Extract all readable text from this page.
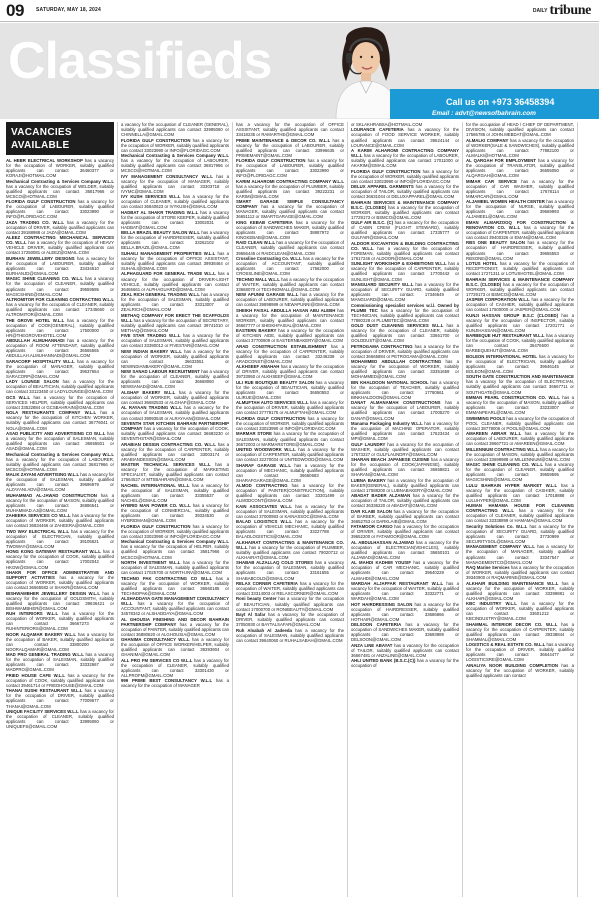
09 SATURDAY, MAY 18, 2024	DAILY tribune
Classifieds
Call us on +973 36458394
Email : advt@newsofbahrain.com
VACANCIES
AVAILABLE

AL HEBR ELECTRICAL WORKSHOP has a vacancy for the occupation of WORKER, suitably qualified applicants can contact 36460377 or KORAJI@HOTMAIL.COM

Mechanical Contracting & Services Company W.L.L has a vacancy for the occupation of WELDER, suitably qualified applicants can contact 36817966 or MCSCO@HOTMAIL.COM

FLORIDA GULF CONSTRUCTION has a vacancy for the occupation of LABOURER, suitably qualified applicants can contact 33023990 or INFO@FLORIDAGC.COM

JAZA TRADING CO. W.L.L has a vacancy for the occupation of DRIVER, suitably qualified applicants can contact 39188988 or JAZA@GMAIL.COM

ALEEZ CONTRACTING MECHANICAL SERVICES CO. W.L.L has a vacancy for the occupation of HEAVY VEHICLE DRIVER, suitably qualified applicants can contact 17250081 or ALEEZ@GMAIL.COM

BURHAN JEWELLERY DESIGNS has a vacancy for the occupation of LABOURER, suitably qualified applicants can contact 33434610 or BURHANJD@GMAIL.COM

MAGIC SHINE CLEANING CO. W.L.L has a vacancy for the occupation of CLEANER, suitably qualified applicants can contact 39559595 or MAGICSHINE@GMAIL.COM

ALTROMITOR FOR CLEANING CONTRACTING W.L.L has a vacancy for the occupation of CLEANER, suitably qualified applicants can contact 17345660 or ALTROMITOR@GMAIL.COM

THE GROVE HOTEL W.L.L has a vacancy for the occupation of COOK(GENERAL), suitably qualified applicants can contact 17500000 or HR@THEGROVEHOTEL.COM

ABDULLAH ALMUHANNADI has a vacancy for the occupation of ROOM ATTENDANT, suitably qualified applicants can contact 36565565 or ABDULLAH.ALMUHANNADI@GMAIL.COM

SARACORP HOSPITALITY W.L.L has a vacancy for the occupation of MANAGER, suitably qualified applicants can contact 39637654 or SARACORP@GMAIL.COM

LADY LOUNGE SALON has a vacancy for the occupation of BEAUTICIAN, suitably qualified applicants can contact 33123450 or LADYLOUNGE@GMAIL.COM

GCS W.L.L has a vacancy for the occupation of SERVICES HELPER, suitably qualified applicants can contact 33522884 or GCSBAHRAIN@GMAIL.COM

NOLA RESTAURANTS COMPANY W.L.L has a vacancy for the occupation of KITCHEN WORKER, suitably qualified applicants can contact 36776041 or NOLA@GMAIL.COM

ASAD PUBLICITY AND ADVERTISING CO W.L.L has a vacancy for the occupation of SALESMAN, suitably qualified applicants can contact 36655501 or ASAD@GMAIL.COM

Mechanical Contracting & Services Company W.L.L has a vacancy for the occupation of LABOURER, suitably qualified applicants can contact 36817966 or MCSCO@HOTMAIL.COM

MALIK ZAYANI ADVERTISING W.L.L has a vacancy for the occupation of SALESMAN, suitably qualified applicants can contact 39696979 or ALZAYANI.ADV@GMAIL.COM

MUHAMMAD AL-JAWAD CONSTRUCTION has a vacancy for the occupation of MASON, suitably qualified applicants can contact 36886541 or MUHAMMAD.AJ@GMAIL.COM

ZAHEERA SERVICES CO W.L.L has a vacancy for the occupation of WORKER, suitably qualified applicants can contact 36834466 or ZAHEERA@GMAIL.COM

TWO WAY ELECTRICAL W.L.L has a vacancy for the occupation of ELECTRICIAN, suitably qualified applicants can contact 39105621 or TWOWAY@GMAIL.COM

HONG KONG GATEWAY RESTAURANT W.L.L has a vacancy for the occupation of COOK, suitably qualified applicants can contact 17002042 or HKGW@GMAIL.COM

SHAKR FOR OFFICE ADMINISTRATIVE AND SUPPORT ACTIVITIES has a vacancy for the occupation of WORKER, suitably qualified applicants can contact 36665582 or SHAKR@GMAIL.COM

BISHWAMBHER JEWELLERY DESIGN W.L.L has a vacancy for the occupation of GOLDSMITH, suitably qualified applicants can contact 39636421 or BISHWAMBHER@GMAIL.COM

RUH INTERIORS W.L.L has a vacancy for the occupation of WORKER, suitably qualified applicants can contact 36667273 or RUHINTERIORS@GMAIL.COM

NOOR ALQAMAR BAKERY W.L.L has a vacancy for the occupation of BAKER, suitably qualified applicants can contact 33800200 or NOORALQAMAR@GMAIL.COM

MAD PRO GENERAL TRADING W.L.L has a vacancy for the occupation of SALESMAN, suitably qualified applicants can contact 33332667 or MADPRO@GMAIL.COM

FRIED HOUSE CAFE W.L.L has a vacancy for the occupation of COOK, suitably qualified applicants can contact 39461714 or FRIEDHOUSE@GMAIL.COM

THANAI SUSHI RESTAURANT W.L.L has a vacancy for the occupation of DRIVER, suitably qualified applicants can contact 77009677 or THANAI@GMAIL.COM

UNIQUE FACILITY SERVICES W.L.L has a vacancy for the occupation of CLEANER, suitably qualified applicants can contact 33995060 or UNIQUEFS@GMAIL.COM

a vacancy for the occupation of CLEANER (GENERAL), suitably qualified applicants can contact 33995060 or CHINNELLA@GMAIL.COM

FLORIDA GULF CONSTRUCTION has a vacancy for the occupation of WORKER, suitably qualified applicants can contact 33023990 or INFO@FLORIDAGC.COM

Mechanical Contracting & Services Company W.L.L has a vacancy for the occupation of LABOURER, suitably qualified applicants can contact 36817966 or MCSCO@HOTMAIL.COM

IVY MANAGEMENT CONSULTANCY W.L.L has a vacancy for the occupation of MANAGER, suitably qualified applicants can contact 33303718 or IVYMC@GMAIL.COM

IVY KUSH SERVICES W.L.L has a vacancy for the occupation of CLEANER, suitably qualified applicants can contact 36840623 or IVYKUSH@GMAIL.COM

HADBAT AL SHAKR TRADING W.L.L has a vacancy for the occupation of STORE KEEPER, suitably qualified applicants can contact 33002031 or HADBAT@GMAIL.COM

BELLA BRAZIL BEAUTY SALON W.L.L has a vacancy for the occupation of HAIRDRESSER, suitably qualified applicants can contact 33262102 or BELLA.BRAZIL@GMAIL.COM

SUHAILI MANAGEMENT PROPERTIES W.L.L has a vacancy for the occupation of OFFICE ASSISTANT, suitably qualified applicants can contact 39938464 or SUHAILI@GMAIL.COM

ALPHAGUARD FOR GENERAL TRADE W.L.L has a vacancy for the occupation of DRIVER-LIGHT VEHICLE, suitably qualified applicants can contact 36465661 or ALPHAGUARD@GMAIL.COM

ZEAL RICH GENERAL TRADING W.L.L has a vacancy for the occupation of SALESMAN, suitably qualified applicants can contact 33313007 or ZEALRICH@GMAIL.COM

METHAQ COMPANY FOR ERECT THE SCAFFOLDS W.L.L has a vacancy for the occupation of SECRETARY, suitably qualified applicants can contact 39741010 or METHAQ@GMAIL.COM

FIVE STAR TRADING W.L.L has a vacancy for the occupation of SALESMAN, suitably qualified applicants can contact 33390012 or FIVESTAR@GMAIL.COM

NEW INDIAN BAKERY W.L.L has a vacancy for the occupation of WORKER, suitably qualified applicants can contact 36633551 or NEWINDIANBAKERY@GMAIL.COM

NEW SANAD LABOUR RECRUITMENT has a vacancy for the occupation of CLEANER, suitably qualified applicants can contact 36668060 or NEWSANAD@GMAIL.COM

ALGHAF BAKERY W.L.L has a vacancy for the occupation of WORKER, suitably qualified applicants can contact 36682533 or ALGHAF@GMAIL.COM

AL RAYAAN TRADING W.L.L has a vacancy for the occupation of SALESMAN, suitably qualified applicants can contact 39993540 or ALRAYAAN@GMAIL.COM

SEVENTH STAR KITCHEN BAHRAIN PARTNERSHIP COMPANY has a vacancy for the occupation of COOK, suitably qualified applicants can contact 36683230 or SEVENTHSTAR@GMAIL.COM

ARABIAN DESIGN CONTRACTING CO. W.L.L has a vacancy for the occupation of CARPENTER, suitably qualified applicants can contact 33003174 or ARABIANDESIGN@GMAIL.COM

MASTER TECHNICAL SERVICES W.L.L has a vacancy for the occupation of MARKETING SPECIALIST, suitably qualified applicants can contact 17664527 or MTSBAHRAIN@GMAIL.COM

NACHEL INTERNATIONAL W.L.L has a vacancy for the occupation of SALESMAN, suitably qualified applicants can contact 33355537 or NACHEL@GMAIL.COM

HYBRID MAN POWER CO. W.L.L has a vacancy for the occupation of CONMERCIAL, suitably qualified applicants can contact 39334530 or HYBRIDMAN@GMAIL.COM

FLORIDA GULF CONSTRUCTION has a vacancy for the occupation of WORKER, suitably qualified applicants can contact 33023990 or INFO@FLORIDAGC.COM

Mechanical Contracting & Services Company W.L.L has a vacancy for the occupation of HELPER, suitably qualified applicants can contact 36817966 or MCSCO@HOTMAIL.COM

NORTH INVESTMENT W.L.L has a vacancy for the occupation of SALESMAN, suitably qualified applicants can contact 17025700 or NORTH.INV@GMAIL.COM

TECHNO PAK CONTRACTING CO W.L.L has a vacancy for the occupation of WORKER, suitably qualified applicants can contact 36660185 or TECHNOPAK@GMAIL.COM

ALSHADDAYA GATE MANAGEMENT CONSULTANCY W.L.L has a vacancy for the occupation of ACCOUNTANT, suitably qualified applicants can contact 34578342 or ALSHADDAYA@GMAIL.COM

AL GHOUSIA FINISHING AND DECOR BAHRAIN PARTNERSHIP COMPANY has a vacancy for the occupation of PAINTER, suitably qualified applicants can contact 36880620 or ALGHOUSIA@GMAIL.COM

GHANIMA CONSULTANCY W.L.L has a vacancy for the occupation of OFFICE WORKER/HELPER, suitably qualified applicants can contact 39393904 or GHANIMA@GMAIL.COM

ALL PRO FM SERVICES CO W.L.L has a vacancy for the occupation of CLEANER, suitably qualified applicants can contact 33301430 or ALLPROFM@GMAIL.COM

999 PRIME BEST CONSULTANCY W.L.L has a vacancy for the occupation of MANAGER

has a vacancy for the occupation of OFFICE ASSISTANT, suitably qualified applicants can contact 33418235 or RAMARTHE@GMAIL.COM

PRIME MAINTENANCE & DECOR CO. W.L.L has a vacancy for the occupation of LABOURER, suitably qualified applicants can contact 33996635 or PRIMEMAINT@GMAIL.COM

FLORIDA GULF CONSTRUCTION has a vacancy for the occupation of LABOURER, suitably qualified applicants can contact 33023990 or INFO@FLORIDAGC.COM

KARIM ALHAROMI CONTRACTING COMPANY W.L.L has a vacancy for the occupation of PLUMBER, suitably qualified applicants can contact 39222231 or KARIM@GMAIL.COM

SMART GARAGE SIMPLE CONSULTANCY COMPANY has a vacancy for the occupation of MANAGER, suitably qualified applicants can contact 36651112 or SMARTGARAGE@GMAIL.COM

KING KEBAB CAFETERIA has a vacancy for the occupation of SANDWICHES MAKER, suitably qualified applicants can contact 38887972 or KINGKEBAB@GMAIL.COM

RAID CLEAN W.L.L has a vacancy for the occupation of CLEANER, suitably qualified applicants can contact 39656445 or RAIDCLEAN@GMAIL.COM

Crossline Contracting Co. W.L.L has a vacancy for the occupation of ACCOUNTANT, suitably qualified applicants can contact 17562000 or CROSSLINE@GMAIL.COM

TECHNO MALL W.L.L has a vacancy for the occupation of WAITER, suitably qualified applicants can contact 33668070 or TECHNOMALL@GMAIL.COM

NEW APUNNI GARAGE W.L.L has a vacancy for the occupation of LABOURER, suitably qualified applicants can contact 39898989 or NEWAPUNNI@GMAIL.COM

SHEIKH FAISAL ABDULLA HASAN ABU ALEBH has a vacancy for the occupation of MAINTENANCE WORKER, suitably qualified applicants can contact 36667777 or SHEIKHFAISAL@GMAIL.COM

EASTERN BAKERY has a vacancy for the occupation of KITCHEN AIDE, suitably qualified applicants can contact 37700909 or EASTERNBAKERY@GMAIL.COM

ARAD CONSTRUCTION ESTABLISHMENT has a vacancy for the occupation of CARPENTER, suitably qualified applicants can contact 33246338 or ARADCONST@GMAIL.COM

ALKHSEEF AMAHAH has a vacancy for the occupation of DRIVER, suitably qualified applicants can contact 39733950 or ALKHSEEF@GMAIL.COM

ULI RUE BOUTIQUE BEAUTY SALON has a vacancy for the occupation of BEAUTICIAN, suitably qualified applicants can contact 36650553 or ULIRUE@GMAIL.COM

ALMUFTAH AUTO SERVICES W.L.L has a vacancy for the occupation of DRIVER, suitably qualified applicants can contact 37779175 or ALMUFTAH@GMAIL.COM

FLORIDA GULF CONSTRUCTION has a vacancy for the occupation of WORKER, suitably qualified applicants can contact 33023990 or INFO@FLORIDAGC.COM

MARMAR STORE has a vacancy for the occupation of SALESMAN, suitably qualified applicants can contact 36672003 or MARMARSTORE@GMAIL.COM

UNITED WOODWORK W.L.L has a vacancy for the occupation of CARPENTER, suitably qualified applicants can contact 32270034 or UNITEDWOOD@GMAIL.COM

SHARAF GARAGE W.L.L has a vacancy for the occupation of MECHANIC, suitably qualified applicants can contact 36660683 or SHARAFGARAGE@GMAIL.COM

ALMOD CONTRACTING has a vacancy for the occupation of PAINTER(CONSTRUCTION), suitably qualified applicants can contact 33301499 or ALMODCONT@GMAIL.COM

KAIN ASSOCIATES W.L.L has a vacancy for the occupation of SALESMAN, suitably qualified applicants can contact 37000983 or KAINASSOC@GMAIL.COM

BALAD LOGISTICS W.L.L has a vacancy for the occupation of VEHICLE MECHANIC, suitably qualified applicants can contact 33227788 or BALADLOGISTICS@GMAIL.COM

ALKHAIRAT CONTRACTING & MAINTENANCE CO. W.L.L has a vacancy for the occupation of PLUMBER, suitably qualified applicants can contact 79020712 or ALKHAIRAT@GMAIL.COM

SHABAB ALZALLAQ COLD STORES has a vacancy for the occupation of SALESMAN, suitably qualified applicants can contact 33161555 or SHABABCOLD@GMAIL.COM

RELAX CORNER CAFETERIA has a vacancy for the occupation of WAITER, suitably qualified applicants can contact 33314003 or RELAXCORNER@GMAIL.COM

Roni beauty Center has a vacancy for the occupation of BEAUTICIAN, suitably qualified applicants can contact 17000700 or RONIBEAUTY@GMAIL.COM

Bayt Al Safar has a vacancy for the occupation of DRIVER, suitably qualified applicants can contact 37050930 or BAYTALSAFAR@GMAIL.COM

Ruh Alsabah Al Jadeeda has a vacancy for the occupation of SALESMAN, suitably qualified applicants can contact 39640060 or RUHALSABAH@GMAIL.COM

or SKLAKHRABSA@HOTMAIL.COM

LOURANCE CAFETERIA has a vacancy for the occupation of FOOD SERVICE WORKER, suitably qualified applicants can contact 39624144 or LOURANCE@GMAIL.COM

A KARIM ALHAROMI CONTRACTING COMPANY W.L.L has a vacancy for the occupation of LABOURER, suitably qualified applicants can contact 17011000 or AKARIM@GMAIL.COM

FLORIDA GULF CONSTRUCTION has a vacancy for the occupation of WORKER, suitably qualified applicants can contact 33023990 or INFO@FLORIDAGC.COM

DELUX APPAREL GARMENTS has a vacancy for the occupation of TAILOR, suitably qualified applicants can contact 36631044 or DELUXAPPAREL@GMAIL.COM

BAHRAIN SERVICES & MAINTENANCE COMPANY B.S.C. (CLOSED) has a vacancy for the occupation of WORKER, suitably qualified applicants can contact 17729173 or BSMCO@GMAIL.COM

GULF AIR B.S.C. (C) has a vacancy for the occupation of CABIN CREW (FLIGHT STEWARD), suitably qualified applicants can contact 17335777 or GULFAIR@GMAIL.COM

ALDOOR EXCAVATION & BUILDING CONTRACTING CO. W.L.L has a vacancy for the occupation of FOREMAN, suitably qualified applicants can contact 17617246 or ALDOOR@GMAIL.COM

SUNLIGHT WORKSHOP & EXHIBITIONS W.L.L has a vacancy for the occupation of CARPENTER, suitably qualified applicants can contact 17700442 or SUNLIGHT@GMAIL.COM

MANGUARD SECURITY W.L.L has a vacancy for the occupation of SECURITY GUARD, suitably qualified applicants can contact 17346649 or MANGUARD@GMAIL.COM

Commissioning specialist services w.l.l. Owned by PLUMB TEC has a vacancy for the occupation of TECHNICIAN, suitably qualified applicants can contact 77880228 or PLUMBTEC@GMAIL.COM

GOLD DUST CLEANING SERVICES W.L.L has a vacancy for the occupation of CLEANER, suitably qualified applicants can contact 33661700 or GOLDDUST@GMAIL.COM

PETROGAMA CONTRACTING has a vacancy for the occupation of DRIVER, suitably qualified applicants can contact 36665884 or PETROGAMA@GMAIL.COM

MOHAMMED ABDULLAH CONTRACTING has a vacancy for the occupation of WORKER, suitably qualified applicants can contact 33351659 or MOHAMMED@GMAIL.COM

BIN KHALDOON NATIONAL SCHOOL has a vacancy for the occupation of TEACHER, suitably qualified applicants can contact 17780661 or BINKHALDOON@GMAIL.COM

DANAT ALMANAMAH CONSTRUCTIONS has a vacancy for the occupation of LABOURER, suitably qualified applicants can contact 17005270 or DANAT@GMAIL.COM

Manama Packaging Industry W.L.L has a vacancy for the occupation of MACHINE OPERATOR, suitably qualified applicants can contact 17623434 or MPI@GMAIL.COM

GULF LAUNDRY has a vacancy for the occupation of WASHER, suitably qualified applicants can contact 17673227 or GULFLAUNDRY@GMAIL.COM

SHARAN BEACH JAPANESE CUISINE has a vacancy for the occupation of COOK(JAPANESE), suitably qualified applicants can contact 36658821 or SHARAN@GMAIL.COM

LUBNA BAKERY has a vacancy for the occupation of BAKER(GENERAL), suitably qualified applicants can contact 17588200 or LUBNABAKERY@GMAIL.COM

ABADAT BADER ALZAMAN has a vacancy for the occupation of TAILOR, suitably qualified applicants can contact 36336220 or ABADAT@GMAIL.COM

DAR KLAIB SALON has a vacancy for the occupation of BARBER, suitably qualified applicants can contact 36652753 or DARKLAIB@GMAIL.COM

FATAMOOR CARGO has a vacancy for the occupation of DRIVER, suitably qualified applicants can contact 39652200 or FATAMOOR@GMAIL.COM

AL ABDULHASSAN ALJAWAD has a vacancy for the occupation of ELECTRICIAN(VEHICLES), suitably qualified applicants can contact 36650101 or ALJAWAD@GMAIL.COM

AL MAHDI KADHIM YOUSIF has a vacancy for the occupation of CAR MECHANIC, suitably qualified applicants can contact 39640229 or ALMAHDI@GMAIL.COM

WARDAH ALJAFFAR RESTAURANT W.L.L has a vacancy for the occupation of WAITER, suitably qualified applicants can contact 33322771 or WARDAH@GMAIL.COM

HOT HAIRDRESSING SALON has a vacancy for the occupation of HAIRDRESSER, suitably qualified applicants can contact 33686866 or HOTHAIR@GMAIL.COM

DELSOON CAFETERIA has a vacancy for the occupation of SANDWICHES MAKER, suitably qualified applicants can contact 33693989 or DELSOON@GMAIL.COM

ANZA LINE ABAYAT has a vacancy for the occupation of TAILOR, suitably qualified applicants can contact 36667481 or ANZALINE@GMAIL.COM

AHLI UNITED BANK (B.S.C.(C)) has a vacancy for the occupation of

for the occupation of HEAD / CHIEF OF DEPARTMENT, DIVISION, suitably qualified applicants can contact 17586785 or JOHN.MEBDAT@GMAIL.COM

ALMALKI COMPANY has a vacancy for the occupation of WORKER(SALE & SANDWICHES), suitably qualified applicants can contact 77882100 or ALMALKI@HOTMAIL.COM

AL QARGAH FOR EMPLOYMENT has a vacancy for the occupation of TRANSLATOR, suitably qualified applicants can contact 36555050 or ALQARGAH@GMAIL.COM

MIMAR CAR SERVICE has a vacancy for the occupation of CAR WASHER, suitably qualified applicants can contact 17678114 or MIMARCAR@GMAIL.COM

ALJAMEEL WOMEN HEALTH CENTER has a vacancy for the occupation of NURSE, suitably qualified applicants can contact 39669993 or ALJAMEEL@GMAIL.COM

EMAN ALMARZOOQ FOR CONSTRUCTION & RENOVATION CO. W.L.L has a vacancy for the occupation of CARPENTER, suitably qualified applicants can contact 39400326 or EMAN@GMAIL.COM

RBS ONE BEAUTY SALON has a vacancy for the occupation of HAIRDRESSER, suitably qualified applicants can contact 39655553 or RBSONE@GMAIL.COM

LOTUS HOTEL has a vacancy for the occupation of RECEPTIONIST, suitably qualified applicants can contact 17271311 or LOTUSHOTEL@GMAIL.COM

BAHRAIN SERVICES & MAINTENANCE COMPANY B.S.C. (CLOSED) has a vacancy for the occupation of WORKER, suitably qualified applicants can contact 17729173 or BSMCO@GMAIL.COM

JASPER CORPORATION W.L.L has a vacancy for the occupation of CASHIER, suitably qualified applicants can contact 17600000 or JASPER@GMAIL.COM

KUNJI HASSAN GROUP B.S.C (CLOSED) has a vacancy for the occupation of INSPECTOR, suitably qualified applicants can contact 17201771 or KUNJIHASSAN@GMAIL.COM

BARBEQUE HUT RESTAURANT W.L.L has a vacancy for the occupation of COOK, suitably qualified applicants can contact 36476600 or BARBEQUEHUT@GMAIL.COM

BOLEON INTERNATIONAL HOTEL has a vacancy for the occupation of ELECTRICIAN, suitably qualified applicants can contact 39646145 or BOLEON@GMAIL.COM

SOUTH GATE CONSTRUCTION AND MAINTENANCE has a vacancy for the occupation of ELECTRICIAN, suitably qualified applicants can contact 36667711 or SOUTHGATE@GMAIL.COM

EMMAN PEARL CONSTRUCTION CO. W.L.L has a vacancy for the occupation of MASON, suitably qualified applicants can contact 33233007 or EMMANPEARL@GMAIL.COM

SWIMMING POOLS has a vacancy for the occupation of POOL CLEANER, suitably qualified applicants can contact 38778006 or POOLS@GMAIL.COM

AMAREEN ABRAR W.L.L has a vacancy for the occupation of LABOURER, suitably qualified applicants can contact 39667721 or AMAREEN@GMAIL.COM

MILLENNIUM CONTRACTING W.L.L has a vacancy for the occupation of MASON, suitably qualified applicants can contact 33699988 or MILLENNIUM@GMAIL.COM

MAGIC SHINE CLEANING CO. W.L.L has a vacancy for the occupation of CLEANER, suitably qualified applicants can contact 39559595 or MAGICSHINE@GMAIL.COM

LULU BAHRAIN HYPER MARKET W.L.L has a vacancy for the occupation of CASHIER, suitably qualified applicants can contact 17018888 or LULUHYPER@GMAIL.COM

HUMAN HAMAMA HOUSE FOR CLEANING CONTRACTING W.L.L has a vacancy for the occupation of CLEANER, suitably qualified applicants can contact 33338899 or HAMAMA@GMAIL.COM

Security Solutions Co. W.L.L has a vacancy for the occupation of SECURITY GUARD, suitably qualified applicants can contact 37730999 or SECURITYSOL@GMAIL.COM

MANAGEMENT COMPANY W.L.L has a vacancy for the occupation of MANAGER, suitably qualified applicants can contact 33347547 or MANAGEMENTCO@GMAIL.COM

RAQ Marine Services has a vacancy for the occupation of WORKER, suitably qualified applicants can contact 39340900 or RAQMARINE@GMAIL.COM

ALKHAIR BUILDING MAINTENANCE W.L.L has a vacancy for the occupation of WORKER, suitably qualified applicants can contact 33399881 or ALKHAIR@GMAIL.COM

KBC INDUSTRY W.L.L has a vacancy for the occupation of WORKER, suitably qualified applicants can contact 33601212 or KBCINDUSTRY@GMAIL.COM

SHAMMAL INTERIOR DECOR CO. W.L.L has a vacancy for the occupation of CARPENTER, suitably qualified applicants can contact 39338844 or SHAMMAL@GMAIL.COM

LOGISTICS & REAL ESTATE CO. W.L.L has a vacancy for the occupation of DRIVER, suitably qualified applicants can contact 36644477 or LOGISTICSRE@GMAIL.COM

AINALIYA NOOR BUILDING COMPLETION has a vacancy for the occupation of WORKER, suitably qualified applicants can contact
